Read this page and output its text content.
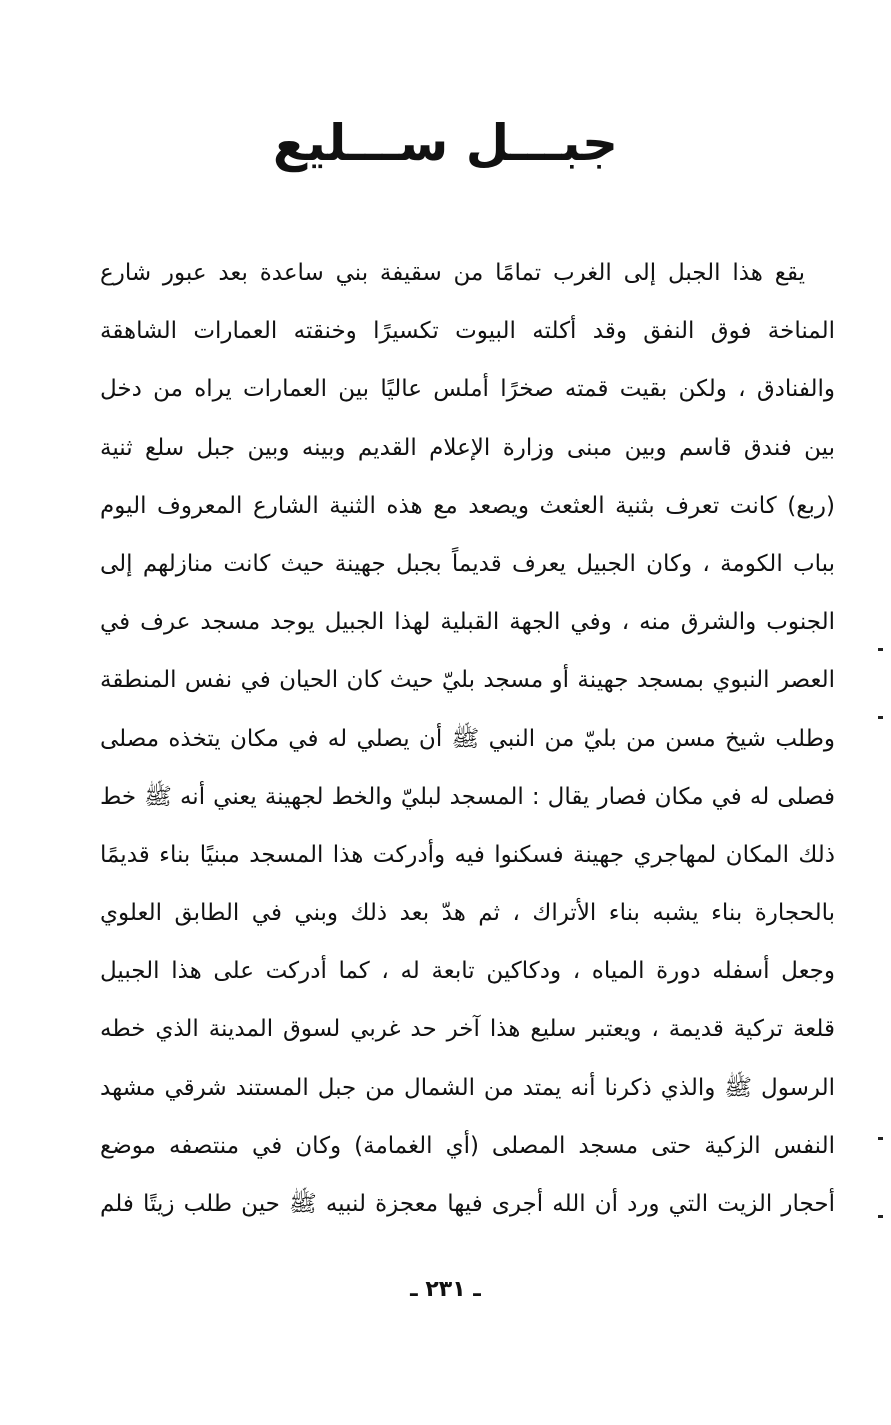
جبـــل ســـليع
يقع هذا الجبل إلى الغرب تمامًا من سقيفة بني ساعدة بعد عبور شارع
المناخة فوق النفق وقد أكلته البيوت تكسيرًا وخنقته العمارات الشاهقة
والفنادق ، ولكن بقيت قمته صخرًا أملس عاليًا بين العمارات يراه من دخل
بين فندق قاسم وبين مبنى وزارة الإعلام القديم وبينه وبين جبل سلع ثنية
(ربع) كانت تعرف بثنية العثعث ويصعد مع هذه الثنية الشارع المعروف اليوم
بباب الكومة ، وكان الجبيل يعرف قديماً بجبل جهينة حيث كانت منازلهم إلى
الجنوب والشرق منه ، وفي الجهة القبلية لهذا الجبيل يوجد مسجد عرف في
العصر النبوي بمسجد جهينة أو مسجد بليّ حيث كان الحيان في نفس المنطقة
وطلب شيخ مسن من بليّ من النبي ﷺ أن يصلي له في مكان يتخذه مصلى
فصلى له في مكان فصار يقال : المسجد لبليّ والخط لجهينة يعني أنه ﷺ خط
ذلك المكان لمهاجري جهينة فسكنوا فيه وأدركت هذا المسجد مبنيًا بناء قديمًا
بالحجارة بناء يشبه بناء الأتراك ، ثم هدّ بعد ذلك وبني في الطابق العلوي
وجعل أسفله دورة المياه ، ودكاكين تابعة له ، كما أدركت على هذا الجبيل
قلعة تركية قديمة ، ويعتبر سليع هذا آخر حد غربي لسوق المدينة الذي خطه
الرسول ﷺ والذي ذكرنا أنه يمتد من الشمال من جبل المستند شرقي مشهد
النفس الزكية حتى مسجد المصلى (أي الغمامة) وكان في منتصفه موضع
أحجار الزيت التي ورد أن الله أجرى فيها معجزة لنبيه ﷺ حين طلب زيتًا فلم
ـ ٢٣١ ـ
